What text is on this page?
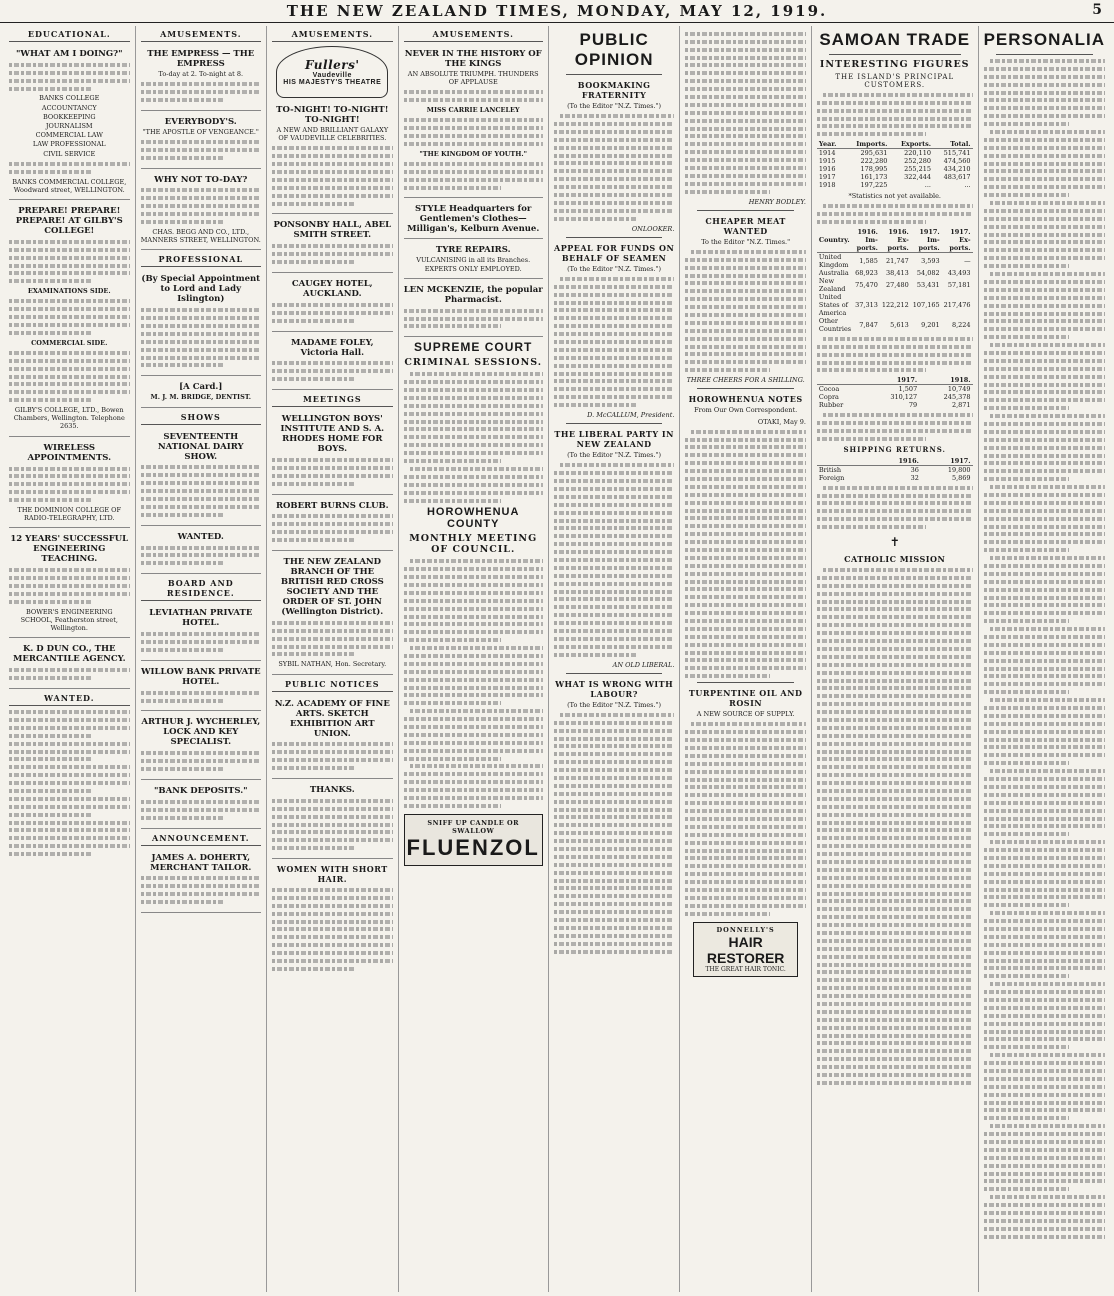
THE NEW ZEALAND TIMES, MONDAY, MAY 12, 1919.	5
EDUCATIONAL.
"WHAT AM I DOING?"

BANKS COLLEGE

ACCOUNTANCY

BOOKKEEPING

JOURNALISM

COMMERCIAL LAW

LAW PROFESSIONAL

CIVIL SERVICE

BANKS COMMERCIAL COLLEGE, Woodward street, WELLINGTON.

PREPARE! PREPARE! PREPARE! AT GILBY'S COLLEGE!

EXAMINATIONS SIDE.

COMMERCIAL SIDE.

GILBY'S COLLEGE, LTD., Bowen Chambers, Wellington. Telephone 2635.

WIRELESS APPOINTMENTS.

THE DOMINION COLLEGE OF RADIO-TELEGRAPHY, LTD.

12 YEARS' SUCCESSFUL ENGINEERING TEACHING.

BOWER'S ENGINEERING SCHOOL, Featherston street, Wellington.

K. D DUN CO., THE MERCANTILE AGENCY.
WANTED.
AMUSEMENTS.
THE EMPRESS — THE EMPRESS

To-day at 2. To-night at 8.

EVERYBODY'S.

"THE APOSTLE OF VENGEANCE."

WHY NOT TO-DAY?

CHAS. BEGG AND CO., LTD., MANNERS STREET, WELLINGTON.

PROFESSIONAL
(By Special Appointment to Lord and Lady Islington)
[A Card.]

M. J. M. BRIDGE, DENTIST.

SHOWS
SEVENTEENTH NATIONAL DAIRY SHOW.
WANTED.
BOARD AND RESIDENCE.
LEVIATHAN PRIVATE HOTEL.
WILLOW BANK PRIVATE HOTEL.
ARTHUR J. WYCHERLEY, LOCK AND KEY SPECIALIST.
"BANK DEPOSITS."
ANNOUNCEMENT.
JAMES A. DOHERTY, MERCHANT TAILOR.
AMUSEMENTS.
Fullers'
Vaudeville
HIS MAJESTY'S THEATRE
TO-NIGHT! TO-NIGHT! TO-NIGHT!

A NEW AND BRILLIANT GALAXY OF VAUDEVILLE CELEBRITIES.

PONSONBY HALL, ABEL SMITH STREET.
CAUGEY HOTEL, AUCKLAND.
MADAME FOLEY, Victoria Hall.
MEETINGS
WELLINGTON BOYS' INSTITUTE AND S. A. RHODES HOME FOR BOYS.
ROBERT BURNS CLUB.
THE NEW ZEALAND BRANCH OF THE BRITISH RED CROSS SOCIETY AND THE ORDER OF ST. JOHN (Wellington District).

SYBIL NATHAN, Hon. Secretary.

PUBLIC NOTICES
N.Z. ACADEMY OF FINE ARTS. SKETCH EXHIBITION ART UNION.
THANKS.
WOMEN WITH SHORT HAIR.
AMUSEMENTS.
NEVER IN THE HISTORY OF THE KINGS

AN ABSOLUTE TRIUMPH. THUNDERS OF APPLAUSE

MISS CARRIE LANCELEY

"THE KINGDOM OF YOUTH."

STYLE Headquarters for Gentlemen's Clothes—Milligan's, Kelburn Avenue.
TYRE REPAIRS.

VULCANISING in all its Branches. EXPERTS ONLY EMPLOYED.

LEN MCKENZIE, the popular Pharmacist.
SUPREME COURT
CRIMINAL SESSIONS.
HOROWHENUA COUNTY
MONTHLY MEETING OF COUNCIL.
SNIFF UP CANDLE OR SWALLOW
FLUENZOL
PUBLIC OPINION
BOOKMAKING FRATERNITY

(To the Editor "N.Z. Times.")

ONLOOKER.
APPEAL FOR FUNDS ON BEHALF OF SEAMEN

(To the Editor "N.Z. Times.")

D. McCALLUM, President.
THE LIBERAL PARTY IN NEW ZEALAND

(To the Editor "N.Z. Times.")

AN OLD LIBERAL.
WHAT IS WRONG WITH LABOUR?

(To the Editor "N.Z. Times.")

HENRY BODLEY.
CHEAPER MEAT WANTED

To the Editor "N.Z. Times."

THREE CHEERS FOR A SHILLING.
HOROWHENUA NOTES

From Our Own Correspondent.

OTAKI, May 9.

TURPENTINE OIL AND ROSIN

A NEW SOURCE OF SUPPLY.

DONNELLY'S
HAIR RESTORER
THE GREAT HAIR TONIC.
SAMOAN TRADE
INTERESTING FIGURES
THE ISLAND'S PRINCIPAL CUSTOMERS.
Year.	Imports.	Exports.	Total.
1914	295,631	220,110	515,741
1915	222,280	252,280	474,560
1916	178,995	255,215	434,210
1917	161,173	322,444	483,617
1918	197,225	...	...
*Statistics not yet available.
Country.	1916. Im-ports.	1916. Ex-ports.	1917. Im-ports.	1917. Ex-ports.
United Kingdom	1,585	21,747	3,593	—
Australia	68,923	38,413	54,082	43,493
New Zealand	75,470	27,480	53,431	57,181
United States of America	37,313	122,212	107,165	217,476
Other Countries	7,847	5,613	9,201	8,224
	1917.	1918.
Cocoa	1,507	10,749
Copra	310,127	245,378
Rubber	79	2,871
SHIPPING RETURNS.
	1916.	1917.
British	36	19,800
Foreign	32	5,869
✝
CATHOLIC MISSION
PERSONALIA
